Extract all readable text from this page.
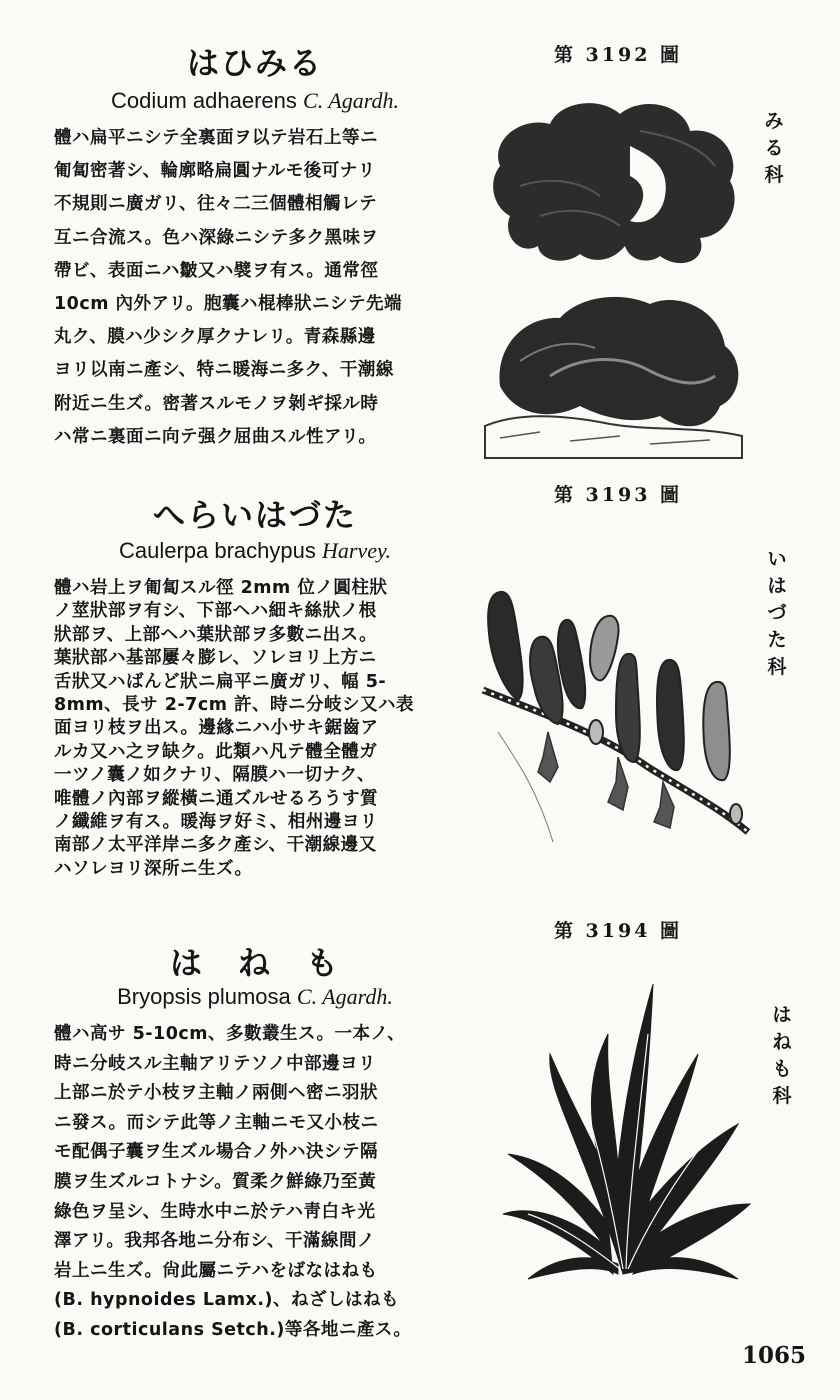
はひみる
Codium adhaerens C. Agardh.
體ハ扁平ニシテ全裏面ヲ以テ岩石上等ニ
匍匐密著シ、輪廓略扁圓ナルモ後可ナリ
不規則ニ廣ガリ、往々二三個體相觸レテ
互ニ合流ス。色ハ深綠ニシテ多ク黑味ヲ
帶ビ、表面ニハ皺又ハ襞ヲ有ス。通常徑
10cm 內外アリ。胞囊ハ棍棒狀ニシテ先端
丸ク、膜ハ少シク厚クナレリ。青森縣邊
ヨリ以南ニ產シ、特ニ暖海ニ多ク、干潮線
附近ニ生ズ。密著スルモノヲ剝ギ採ル時
ハ常ニ裏面ニ向テ强ク屈曲スル性アリ。
第 3192 圖
み
る
科
へらいはづた
Caulerpa brachypus Harvey.
體ハ岩上ヲ匍匐スル徑 2mm 位ノ圓柱狀
ノ莖狀部ヲ有シ、下部ヘハ細キ絲狀ノ根
狀部ヲ、上部ヘハ葉狀部ヲ多數ニ出ス。
葉狀部ハ基部屢々膨レ、ソレヨリ上方ニ
舌狀又ハばんど狀ニ扁平ニ廣ガリ、幅 5-
8mm、長サ 2-7cm 許、時ニ分岐シ又ハ表
面ヨリ枝ヲ出ス。邊緣ニハ小サキ鋸齒ア
ルカ又ハ之ヲ缺ク。此類ハ凡テ體全體ガ
一ツノ囊ノ如クナリ、隔膜ハ一切ナク、
唯體ノ內部ヲ縱橫ニ通ズルせるろうす質
ノ纖維ヲ有ス。暖海ヲ好ミ、相州邊ヨリ
南部ノ太平洋岸ニ多ク產シ、干潮線邊又
ハソレヨリ深所ニ生ズ。
第 3193 圖
い
は
づ
た
科
は　ね　も
Bryopsis plumosa C. Agardh.
體ハ高サ 5-10cm、多數叢生ス。一本ノ、
時ニ分岐スル主軸アリテソノ中部邊ヨリ
上部ニ於テ小枝ヲ主軸ノ兩側ヘ密ニ羽狀
ニ發ス。而シテ此等ノ主軸ニモ又小枝ニ
モ配偶子囊ヲ生ズル場合ノ外ハ決シテ隔
膜ヲ生ズルコトナシ。質柔ク鮮綠乃至黃
綠色ヲ呈シ、生時水中ニ於テハ靑白キ光
澤アリ。我邦各地ニ分布シ、干滿線間ノ
岩上ニ生ズ。尙此屬ニテハをばなはねも
(B. hypnoides Lamx.)、ねざしはねも
(B. corticulans Setch.)等各地ニ產ス。
第 3194 圖
は
ね
も
科
1065
